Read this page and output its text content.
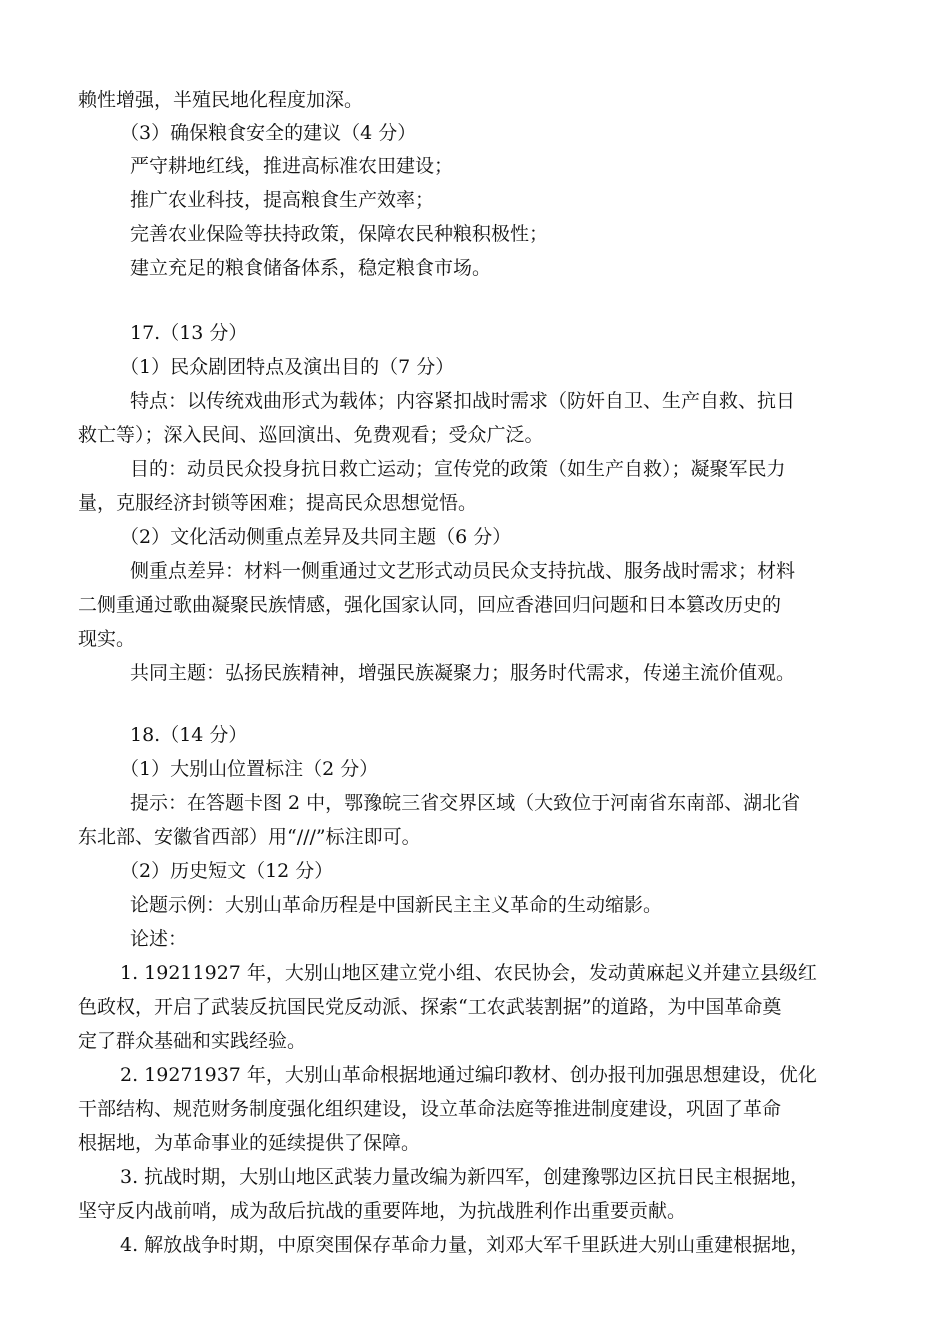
赖性增强，半殖民地化程度加深。
（3）确保粮食安全的建议（4 分）
严守耕地红线，推进高标准农田建设；
推广农业科技，提高粮食生产效率；
完善农业保险等扶持政策，保障农民种粮积极性；
建立充足的粮食储备体系，稳定粮食市场。
17.（13 分）
（1）民众剧团特点及演出目的（7 分）
特点：以传统戏曲形式为载体；内容紧扣战时需求（防奸自卫、生产自救、抗日
救亡等）；深入民间、巡回演出、免费观看；受众广泛。
目的：动员民众投身抗日救亡运动；宣传党的政策（如生产自救）；凝聚军民力
量，克服经济封锁等困难；提高民众思想觉悟。
（2）文化活动侧重点差异及共同主题（6 分）
侧重点差异：材料一侧重通过文艺形式动员民众支持抗战、服务战时需求；材料
二侧重通过歌曲凝聚民族情感，强化国家认同，回应香港回归问题和日本篡改历史的
现实。
共同主题：弘扬民族精神，增强民族凝聚力；服务时代需求，传递主流价值观。
18.（14 分）
（1）大别山位置标注（2 分）
提示：在答题卡图 2 中，鄂豫皖三省交界区域（大致位于河南省东南部、湖北省
东北部、安徽省西部）用“///”标注即可。
（2）历史短文（12 分）
论题示例：大别山革命历程是中国新民主主义革命的生动缩影。
论述：
1. 19211927 年，大别山地区建立党小组、农民协会，发动黄麻起义并建立县级红
色政权，开启了武装反抗国民党反动派、探索“工农武装割据”的道路，为中国革命奠
定了群众基础和实践经验。
2. 19271937 年，大别山革命根据地通过编印教材、创办报刊加强思想建设，优化
干部结构、规范财务制度强化组织建设，设立革命法庭等推进制度建设，巩固了革命
根据地，为革命事业的延续提供了保障。
3. 抗战时期，大别山地区武装力量改编为新四军，创建豫鄂边区抗日民主根据地，
坚守反内战前哨，成为敌后抗战的重要阵地，为抗战胜利作出重要贡献。
4. 解放战争时期，中原突围保存革命力量，刘邓大军千里跃进大别山重建根据地，
